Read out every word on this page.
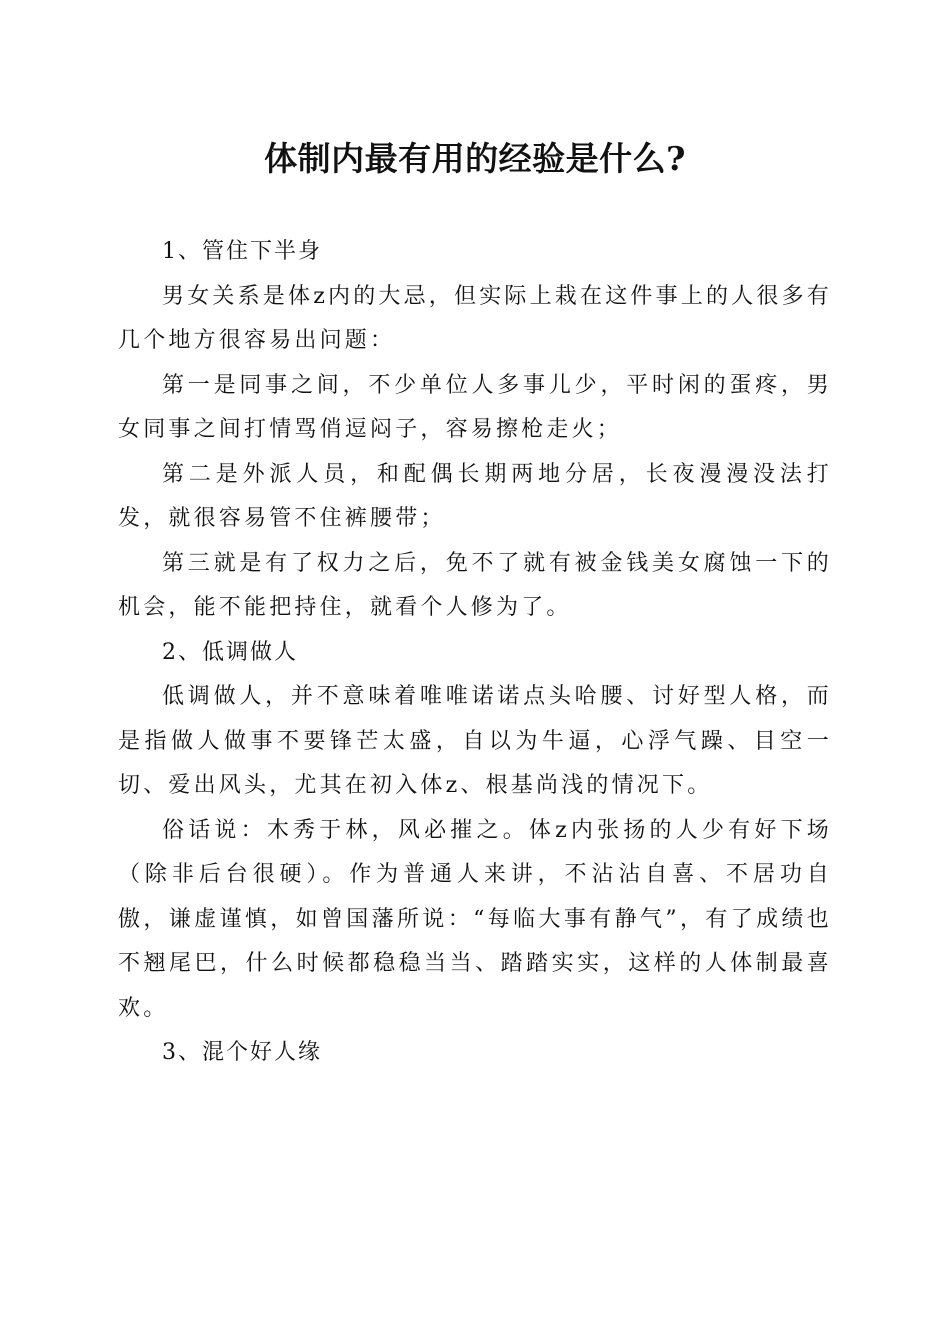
体制内最有用的经验是什么?

1、管住下半身

男女关系是体z内的大忌，但实际上栽在这件事上的人很多有几个地方很容易出问题：

第一是同事之间，不少单位人多事儿少，平时闲的蛋疼，男女同事之间打情骂俏逗闷子，容易擦枪走火；

第二是外派人员，和配偶长期两地分居，长夜漫漫没法打发，就很容易管不住裤腰带；

第三就是有了权力之后，免不了就有被金钱美女腐蚀一下的机会，能不能把持住，就看个人修为了。

2、低调做人

低调做人，并不意味着唯唯诺诺点头哈腰、讨好型人格，而是指做人做事不要锋芒太盛，自以为牛逼，心浮气躁、目空一切、爱出风头，尤其在初入体z、根基尚浅的情况下。

俗话说：木秀于林，风必摧之。体z内张扬的人少有好下场（除非后台很硬）。作为普通人来讲，不沾沾自喜、不居功自傲，谦虚谨慎，如曾国藩所说：“每临大事有静气”，有了成绩也不翘尾巴，什么时候都稳稳当当、踏踏实实，这样的人体制最喜欢。

3、混个好人缘
